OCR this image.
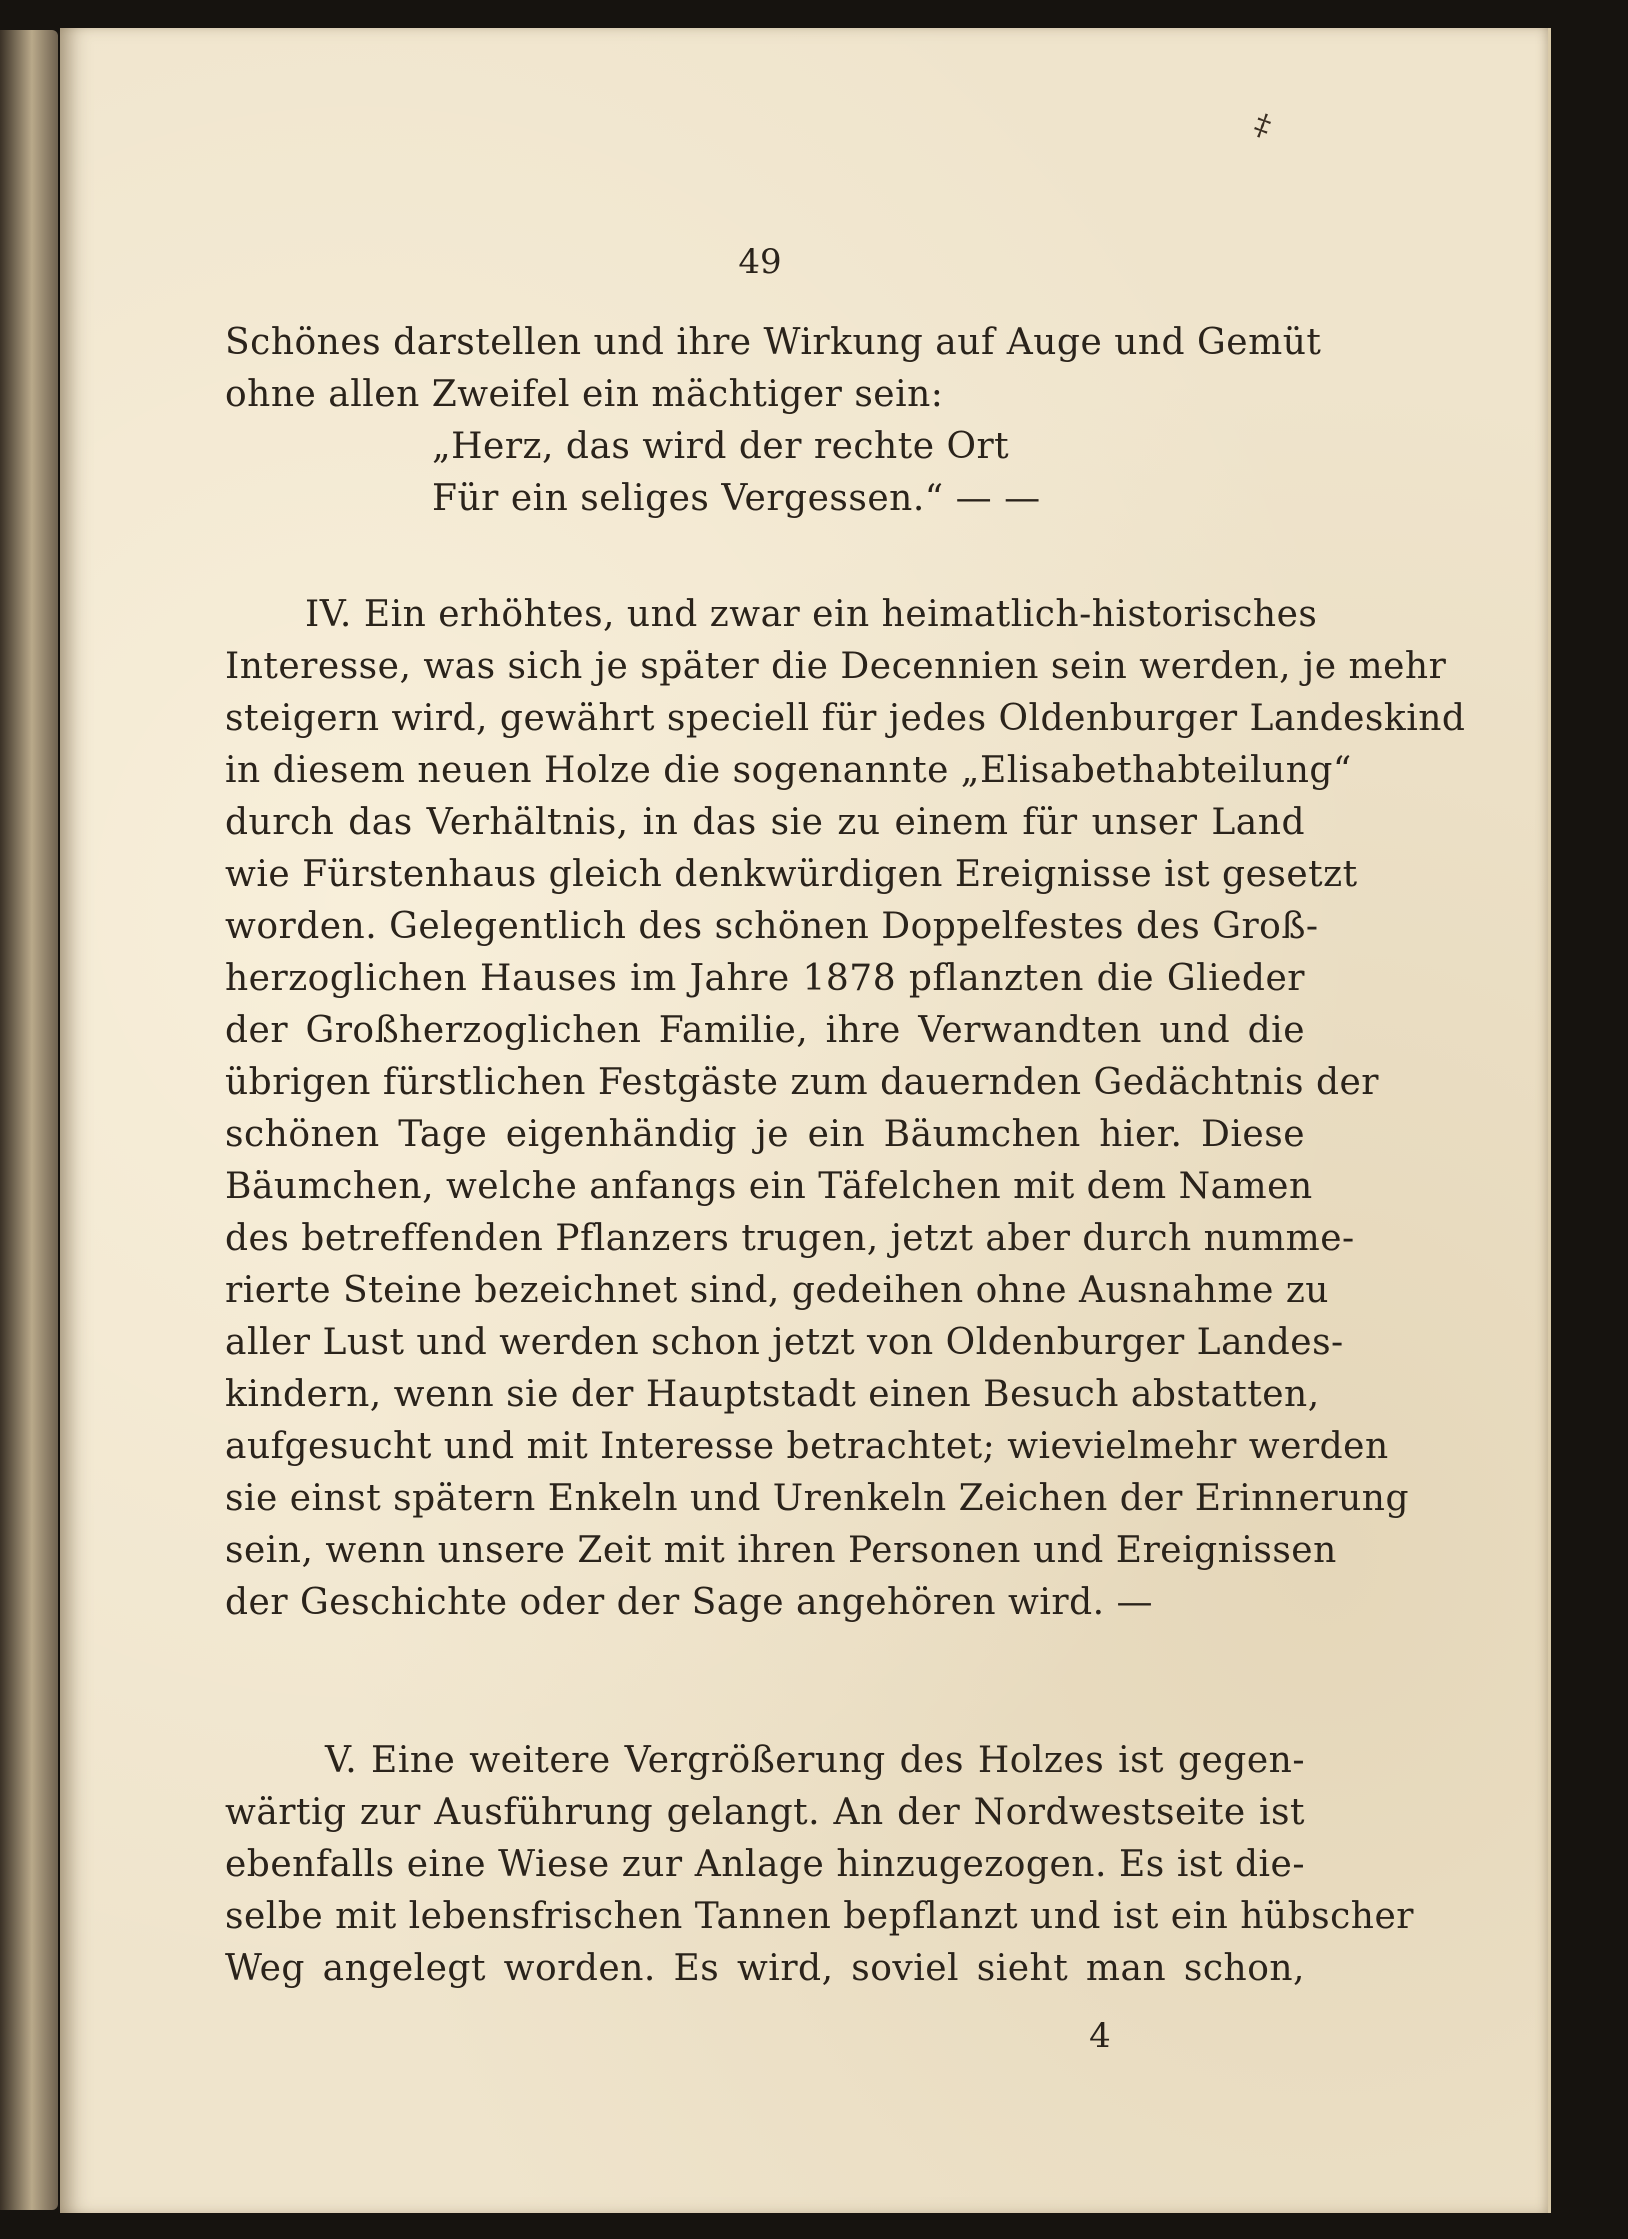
‡
49
Schönes darstellen und ihre Wirkung auf Auge und Gemüt
ohne allen Zweifel ein mächtiger sein:
„Herz, das wird der rechte Ort
Für ein seliges Vergessen.“ — —
IV. Ein erhöhtes, und zwar ein heimatlich-historisches
Interesse, was sich je später die Decennien sein werden, je mehr
steigern wird, gewährt speciell für jedes Oldenburger Landeskind
in diesem neuen Holze die sogenannte „Elisabethabteilung“
durch das Verhältnis, in das sie zu einem für unser Land
wie Fürstenhaus gleich denkwürdigen Ereignisse ist gesetzt
worden. Gelegentlich des schönen Doppelfestes des Groß-
herzoglichen Hauses im Jahre 1878 pflanzten die Glieder
der Großherzoglichen Familie, ihre Verwandten und die
übrigen fürstlichen Festgäste zum dauernden Gedächtnis der
schönen Tage eigenhändig je ein Bäumchen hier. Diese
Bäumchen, welche anfangs ein Täfelchen mit dem Namen
des betreffenden Pflanzers trugen, jetzt aber durch numme-
rierte Steine bezeichnet sind, gedeihen ohne Ausnahme zu
aller Lust und werden schon jetzt von Oldenburger Landes-
kindern, wenn sie der Hauptstadt einen Besuch abstatten,
aufgesucht und mit Interesse betrachtet; wievielmehr werden
sie einst spätern Enkeln und Urenkeln Zeichen der Erinnerung
sein, wenn unsere Zeit mit ihren Personen und Ereignissen
der Geschichte oder der Sage angehören wird. —
V. Eine weitere Vergrößerung des Holzes ist gegen-
wärtig zur Ausführung gelangt. An der Nordwestseite ist
ebenfalls eine Wiese zur Anlage hinzugezogen. Es ist die-
selbe mit lebensfrischen Tannen bepflanzt und ist ein hübscher
Weg angelegt worden. Es wird, soviel sieht man schon,
4
